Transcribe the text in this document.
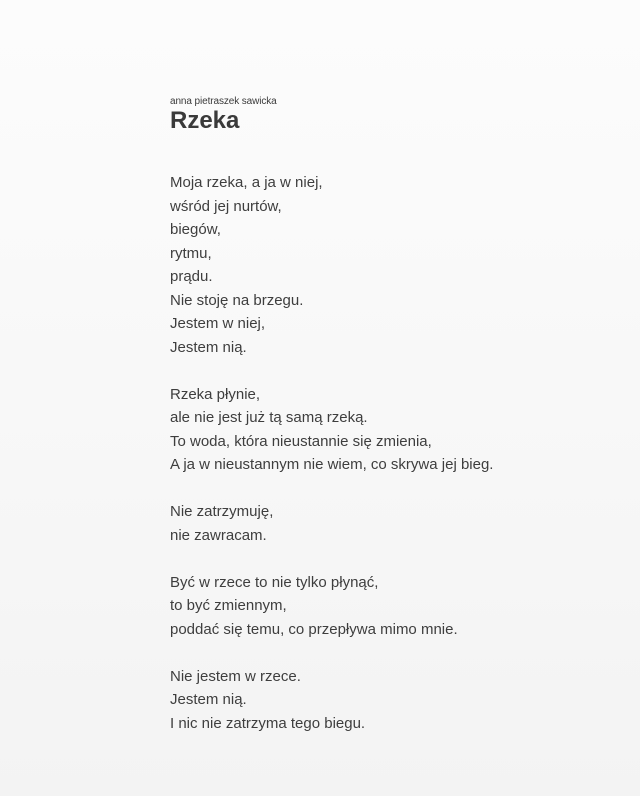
anna pietraszek sawicka

Rzeka
Moja rzeka, a ja w niej,
wśród jej nurtów,
biegów,
rytmu,
prądu.
Nie stoję na brzegu.
Jestem w niej,
Jestem nią.
Rzeka płynie,
ale nie jest już tą samą rzeką.
To woda, która nieustannie się zmienia,
A ja w nieustannym nie wiem, co skrywa jej bieg.
Nie zatrzymuję,
nie zawracam.
Być w rzece to nie tylko płynąć,
to być zmiennym,
poddać się temu, co przepływa mimo mnie.
Nie jestem w rzece.
Jestem nią.
I nic nie zatrzyma tego biegu.
